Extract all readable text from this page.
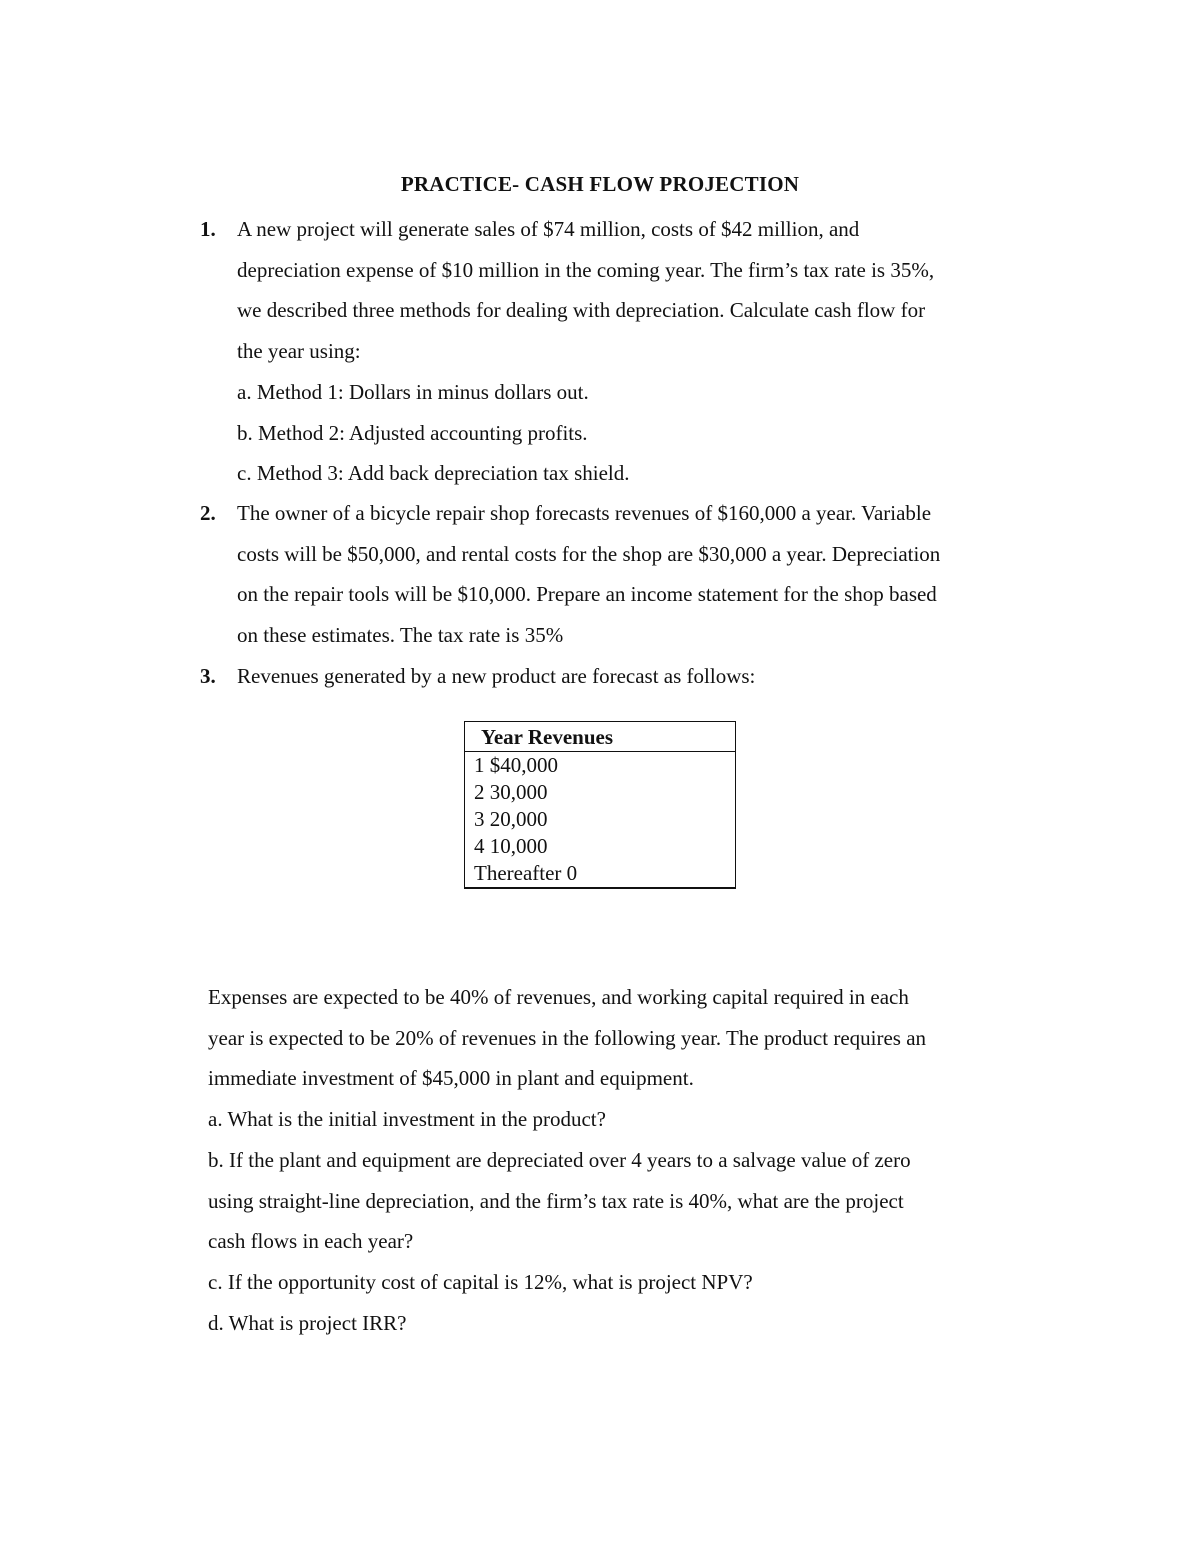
PRACTICE- CASH FLOW PROJECTION
1. A new project will generate sales of $74 million, costs of $42 million, and

depreciation expense of $10 million in the coming year. The firm’s tax rate is 35%,

we described three methods for dealing with depreciation. Calculate cash flow for

the year using:

a. Method 1: Dollars in minus dollars out.

b. Method 2: Adjusted accounting profits.

c. Method 3: Add back depreciation tax shield.

2. The owner of a bicycle repair shop forecasts revenues of $160,000 a year. Variable

costs will be $50,000, and rental costs for the shop are $30,000 a year. Depreciation

on the repair tools will be $10,000. Prepare an income statement for the shop based

on these estimates. The tax rate is 35%

3. Revenues generated by a new product are forecast as follows:

Year Revenues
1 $40,000
2 30,000
3 20,000
4 10,000
Thereafter 0

Expenses are expected to be 40% of revenues, and working capital required in each

year is expected to be 20% of revenues in the following year. The product requires an

immediate investment of $45,000 in plant and equipment.

a. What is the initial investment in the product?

b. If the plant and equipment are depreciated over 4 years to a salvage value of zero

using straight-line depreciation, and the firm’s tax rate is 40%, what are the project

cash flows in each year?

c. If the opportunity cost of capital is 12%, what is project NPV?

d. What is project IRR?
